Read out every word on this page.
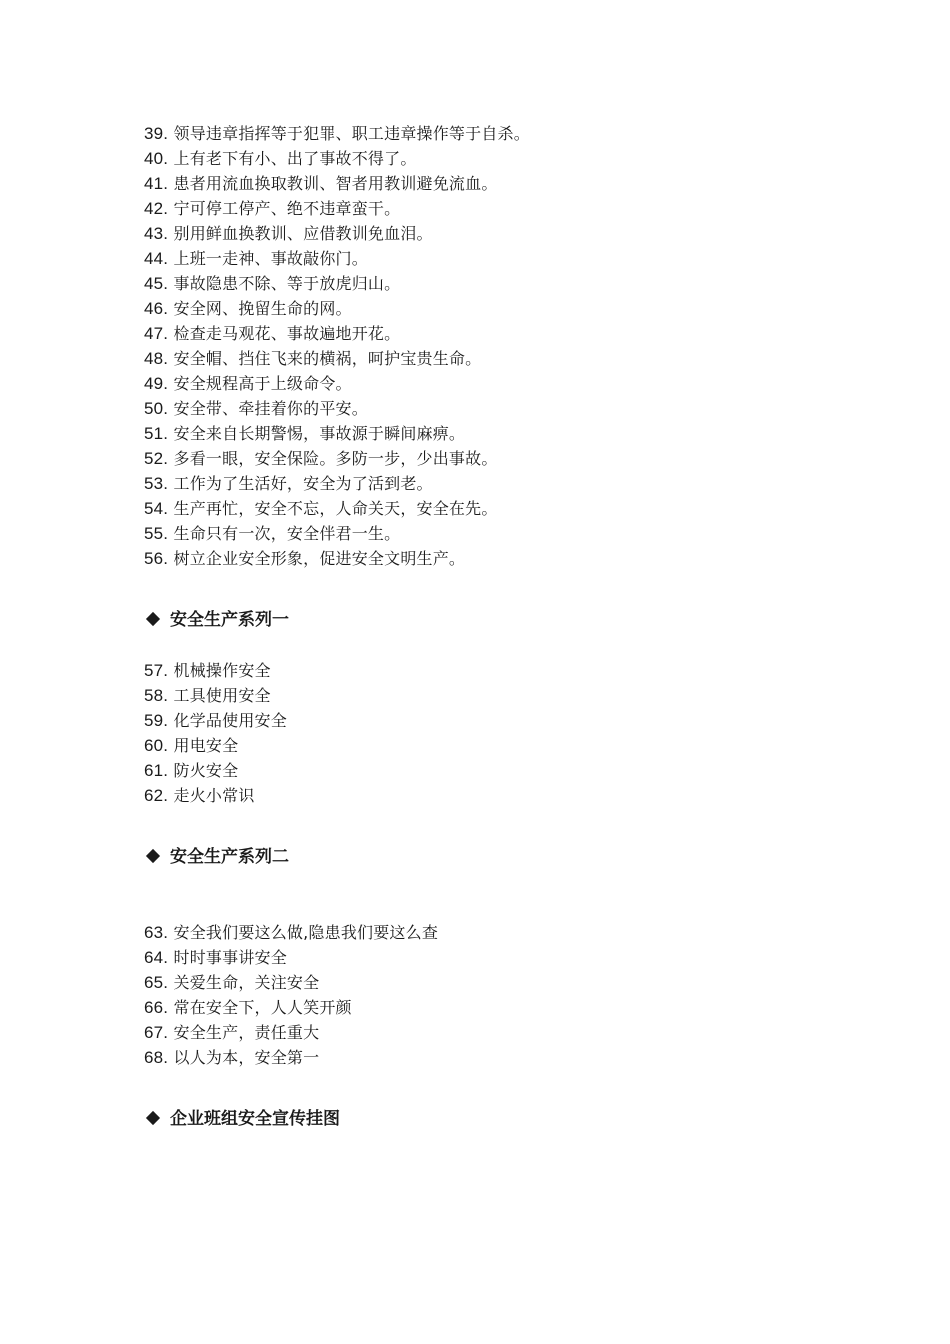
39. 领导违章指挥等于犯罪、职工违章操作等于自杀。
40. 上有老下有小、出了事故不得了。
41. 患者用流血换取教训、智者用教训避免流血。
42. 宁可停工停产、绝不违章蛮干。
43. 别用鲜血换教训、应借教训免血泪。
44. 上班一走神、事故敲你门。
45. 事故隐患不除、等于放虎归山。
46. 安全网、挽留生命的网。
47. 检查走马观花、事故遍地开花。
48. 安全帽、挡住飞来的横祸，呵护宝贵生命。
49. 安全规程高于上级命令。
50. 安全带、牵挂着你的平安。
51. 安全来自长期警惕，事故源于瞬间麻痹。
52. 多看一眼，安全保险。多防一步，少出事故。
53. 工作为了生活好，安全为了活到老。
54. 生产再忙，安全不忘，人命关天，安全在先。
55. 生命只有一次，安全伴君一生。
56. 树立企业安全形象，促进安全文明生产。
安全生产系列一
57. 机械操作安全
58. 工具使用安全
59. 化学品使用安全
60. 用电安全
61. 防火安全
62. 走火小常识
安全生产系列二
63. 安全我们要这么做,隐患我们要这么查
64. 时时事事讲安全
65. 关爱生命，关注安全
66. 常在安全下，人人笑开颜
67. 安全生产，责任重大
68. 以人为本，安全第一
企业班组安全宣传挂图
